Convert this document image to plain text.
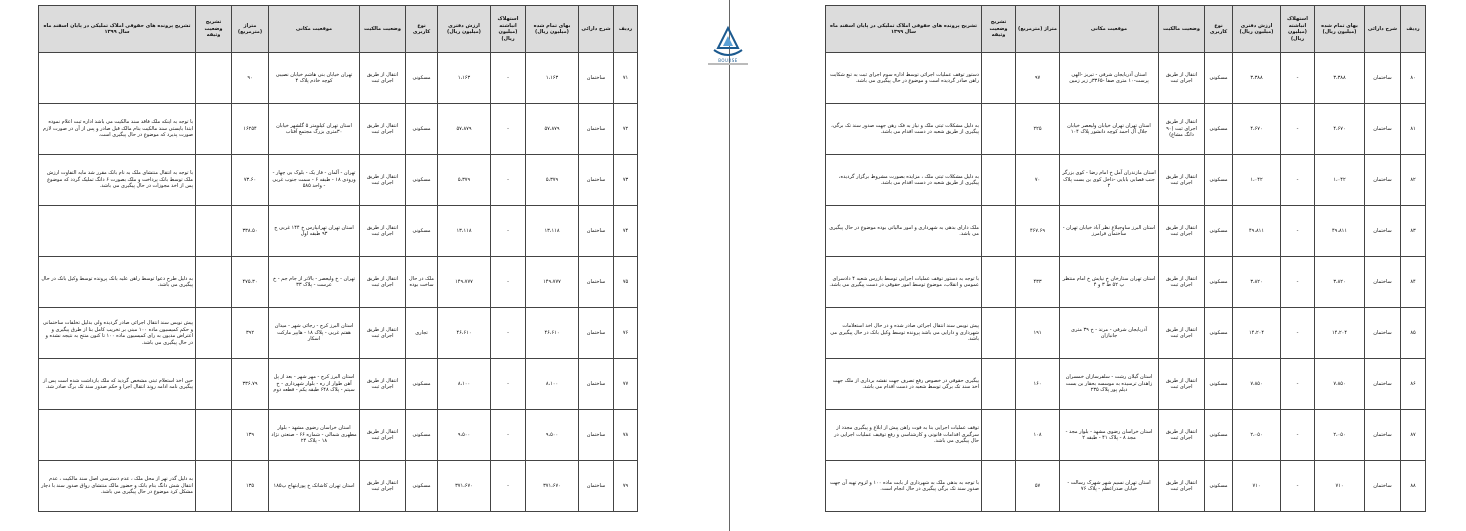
ردیف	شرح دارائی	بهای تمام شده (میلیون ریال)	استهلاک انباشته (میلیون ریال)	ارزش دفتری (میلیون ریال)	نوع کاربری	وضعیت مالکیت	موقعیت مکانی	متراژ (مترمربع)	تشریح وضعیت وثیقه	تشریح پرونده های حقوقی املاک تملیکی در پایان اسفند ماه سال ۱۳۹۹
۷۱	ساختمان	۱،۱۶۳	-	۱،۱۶۳	مسکونی	انتقال از طریق اجرای ثبت	تهران خیابان بنی هاشم خیابان نصیبی کوچه خادم پلاک ۴	۹۰		
۷۲	ساختمان	۵۷،۸۷۹	-	۵۷،۸۷۹	مسکونی	انتقال از طریق اجرای ثبت	استان تهران کیلومتر ۵ گلشهر خیابان ۳۰متری بزرگ مجتمع آفتاب	۱۶۲۵۴		با توجه به اینکه ملک فاقد سند مالکیت می باشد اداره ثبت اعلام نموده ابتدا بایستی سند مالکیت بنام مالک قبل صادر و پس از آن در صورت لازم صورت پذیرد که موضوع در حال پیگیری است.
۷۳	ساختمان	۵،۳۷۹	-	۵،۳۷۹	مسکونی	انتقال از طریق اجرای ثبت	تهران - آلمان - فاز یک - بلوک بی چهار - ورودی ۱۸ - طبقه ۶ - سمت جنوب غربی - واحد ۵۸۵	۷۳.۶۰		با توجه به انتقال منتشای ملک به نام بانک مقرر شد مابه التفاوت ارزش ملک توسط بانک پرداخت و ملک بصورت ۶ دانگ تملیک گردد که موضوع پس از اخذ مجوزات در حال پیگیری می باشد.
۷۴	ساختمان	۱۳،۱۱۸	-	۱۳،۱۱۸	مسکونی	انتقال از طریق اجرای ثبت	استان تهران تهرانپارس خ ۱۴۴ غربی ج ۹۳ طبقه اول	۳۳۸.۵۰		
۷۵	ساختمان	۱۴۹،۷۷۷	-	۱۴۹،۷۷۷	ملک در حال ساخت بوده	انتقال از طریق اجرای ثبت	تهران - خ ولیعصر - بالاتر از جام جم - خ عرست - پلاک ۳۳	۴۷۵.۳۰		به دلیل طرح دعوا توسط راهن علیه بانک پرونده توسط وکیل بانک در حال پیگیری می باشد.
۷۶	ساختمان	۴۶،۶۱۰	-	۴۶،۶۱۰	تجاری	انتقال از طریق اجرای ثبت	استان البرز کرج - رجائی شهر - میدان هفتم غربی - پلاک ۱۸ - هایپر مارکت اسکار	۳۹۲		پیش نویس سند انتقال اجرائی صادر گردیده ولی بدلیل تخلفات ساختمانی و حکم کمیسیون ماده ۱۰۰ مبنی بر تخریب کامل بنا از طرق پیگیری و اعتراض مدیون به رای کمیسیون ماده ۱۰۰ تا کنون منتج به نتیجه نشده و در حال پیگیری می باشد.
۷۷	ساختمان	۸،۱۰۰	-	۸،۱۰۰	مسکونی	انتقال از طریق اجرای ثبت	استان البرز کرج - مهر شهر - بعد از پل آهن طوار از ره - بلوار شهرداری - خ سیتم - پلاک ۶۴۸ طبقه یکم - قطعه دوم	۳۳۶.۷۹		حین اخذ استعلام ثبتی مشخص گردید که ملک بازداشت شده است پس از پیگیری نامه ادامه روند انتقال اجرا و حکم صدور سند تک برگ صادر شد.
۷۸	ساختمان	۹،۵۰۰	-	۹،۵۰۰	مسکونی	انتقال از طریق اجرای ثبت	استان خراسان رضوی مشهد - بلوار مطهری شمالی - شماره ۶۶ - صنعتی نژاد ۱۸ - پلاک ۲۴	۱۳۹		
۷۹	ساختمان	۳۷۱،۶۷۰	-	۳۷۱،۶۷۰	مسکونی	انتقال از طریق اجرای ثبت	استان تهران کاشانک خ پورابتهاج پ۱۸۵	۱۳۵		به دلیل گذر نهر از محل ملک ، عدم دسترسی اصل سند مالکیت ، عدم انتقال شش دانگ بنام بانک و حضور مالک منتشای رواق صدور سند با دچار مشکل کرد موضوع در حال پیگیری می باشد.
BOURSE
ردیف	شرح دارائی	بهای تمام شده (میلیون ریال)	استهلاک انباشته (میلیون ریال)	ارزش دفتری (میلیون ریال)	نوع کاربری	وضعیت مالکیت	موقعیت مکانی	متراژ (مترمربع)	تشریح وضعیت وثیقه	تشریح پرونده های حقوقی املاک تملیکی در پایان اسفند ماه سال ۱۳۹۹
۸۰	ساختمان	۳،۳۸۸	-	۳،۳۸۸	مسکونی	انتقال از طریق اجرای ثبت	استان آذربایجان شرقی - تبریز -الهی پرست-۱۰ متری صفا -۳۳۶۵ز زیر زمین	۹۷		دستور توقف عملیات اجرائی توسط اداره سوم اجرای ثبت به تبع شکایت راهن صادر گردیده است و موضوع در حال پیگیری می باشد.
۸۱	ساختمان	۴،۶۷۰	-	۴،۶۷۰	مسکونی	انتقال از طریق اجرای ثبت (۹۰ دانگ مشاع)	استان تهران تهران خیابان ولیعصر خیابان جلال آل احمد کوچه دانشور پلاک ۱۰۴	۲۲۵		به دلیل مشکلات ثبتی ملک و نیاز به فک رهن جهت صدور سند تک برگی، پیگیری از طریق شعبه در دست اقدام می باشد.
۸۲	ساختمان	۱،۰۴۲	-	۱،۰۴۲	مسکونی	انتقال از طریق اجرای ثبت	استان مازندران آمل خ امام رضا - کوی بزرگر جنب قصابی بابایی -داخل کوی بن بست پلاک ۲	۷۰		به دلیل مشکلات ثبتی ملک ، مزایده بصورت مشروط برگزار گردیده، پیگیری از طریق شعبه در دست اقدام می باشد.
۸۳	ساختمان	۴۹،۸۱۱	-	۴۹،۸۱۱	مسکونی	انتقال از طریق اجرای ثبت	استان البرز ساوجبلاغ نظر آباد خیابان تهران - ساختمان فرامرز	۴۶۷.۶۹		ملک دارای بدهی به شهرداری و امور مالیاتی بوده موضوع در حال پیگیری می باشد.
۸۴	ساختمان	۳،۸۲۰	-	۳،۸۲۰	مسکونی	انتقال از طریق اجرای ثبت	استان تهران ستارخان خ نیایش خ امام منتظر پ ۵۲ ط ۳ و ۴	۴۳۳		با توجه به دستور توقف عملیات اجرایی توسط بازرس شعبه ۴ دادسرای عمومی و انقلاب، موضوع توسط امور حقوقی در دست پیگیری می باشد.
۸۵	ساختمان	۱۴،۲۰۴	-	۱۴،۲۰۴	مسکونی	انتقال از طریق اجرای ثبت	آذربایجان شرقی - مرند - خ ۳۹ متری جانبازان	۱۹۱		پیش نویس سند انتقال اجرائی صادر شده و در حال اخذ استعلامات شهرداری و دارایی می باشد پرونده توسط وکیل بانک در حال پیگیری می باشد.
۸۶	ساختمان	۷،۸۵۰	-	۷،۸۵۰	مسکونی	انتقال از طریق اجرای ثبت	استان گیلان رشت - سلفرسازان خمسران زاهدان ترسیده به موسسه بحقار بن بست دیلم پور پلاک ۲۳۵	۱۶۰		پیگیری حقوقی در خصوص رفع تصرف جهت نقشه برداری از ملک جهت اخذ سند تک برگی توسط شعبه در دست اقدام می باشد.
۸۷	ساختمان	۲،۰۵۰	-	۲،۰۵۰	مسکونی	انتقال از طریق اجرای ثبت	استان خراسان رضوی مشهد - بلوار مجد - مجد ۸ - پلاک ۴۱ - طبقه ۲	۱۰۸		توقف عملیات اجرایی بنا به فوت راهن پیش از ابلاغ و پیگیری مجدد از سرگیری اقدامات قانونی و کارشناسی و رفع توقیف عملیات اجرایی در حال پیگیری می باشد.
۸۸	ساختمان	۷۱۰	-	۷۱۰	مسکونی	انتقال از طریق اجرای ثبت	استان تهران نسیم شهر شهرک رسالت - خیابان صدراعظم - پلاک ۷۶	۵۷		با توجه به بدهی ملک به شهرداری از بابت ماده ۱۰۰ و لزوم تهیه آن جهت صدور سند تک برگی پیگیری در حال انجام است.
